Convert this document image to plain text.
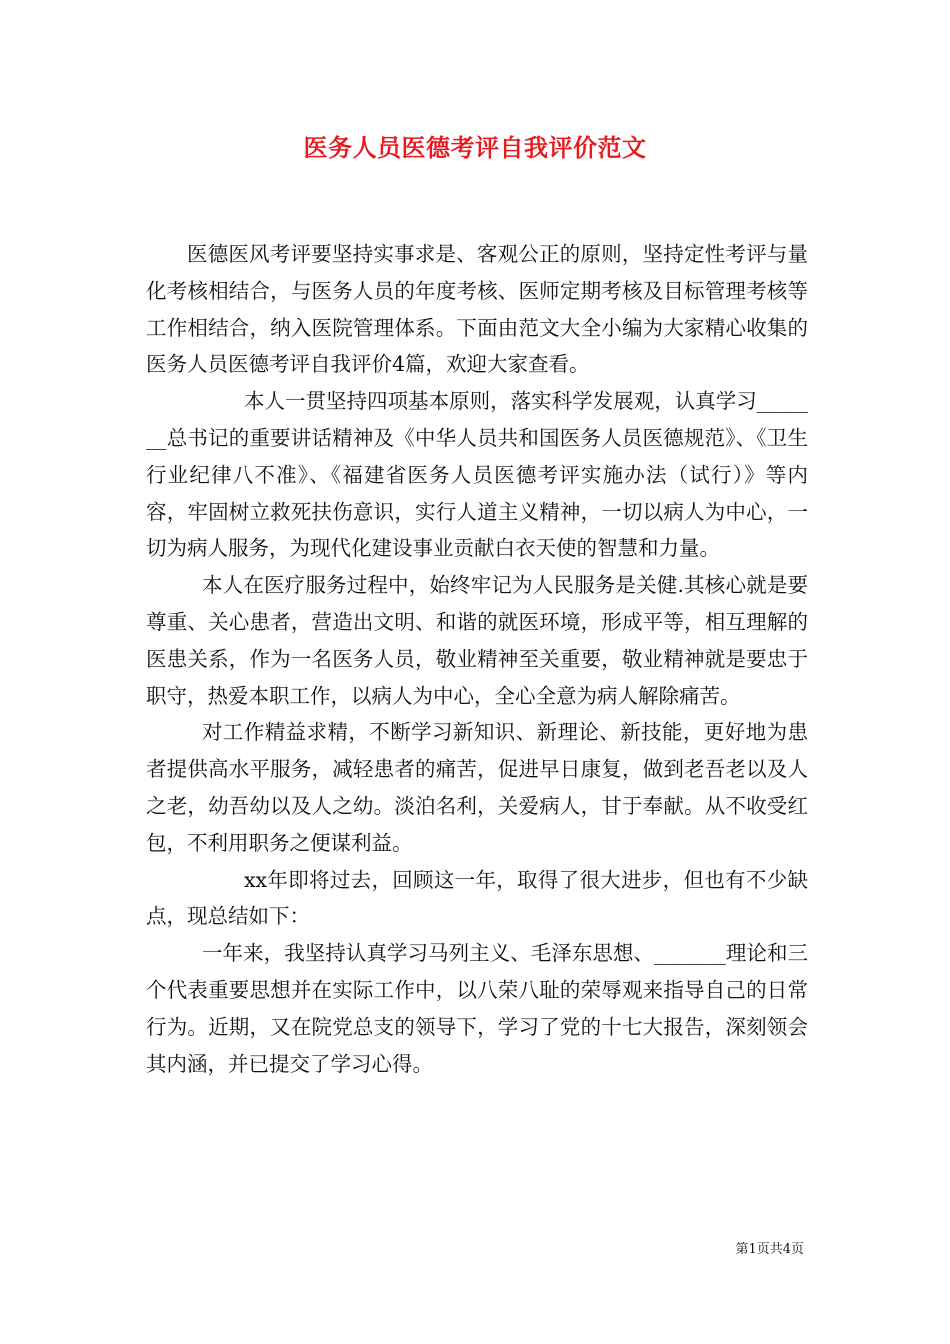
医务人员医德考评自我评价范文

医德医风考评要坚持实事求是、客观公正的原则，坚持定性考评与量化考核相结合，与医务人员的年度考核、医师定期考核及目标管理考核等工作相结合，纳入医院管理体系。下面由范文大全小编为大家精心收集的医务人员医德考评自我评价4篇，欢迎大家查看。

本人一贯坚持四项基本原则，落实科学发展观，认真学习_______总书记的重要讲话精神及《中华人员共和国医务人员医德规范》、《卫生行业纪律八不准》、《福建省医务人员医德考评实施办法（试行）》等内容，牢固树立救死扶伤意识，实行人道主义精神，一切以病人为中心，一切为病人服务，为现代化建设事业贡献白衣天使的智慧和力量。

本人在医疗服务过程中，始终牢记为人民服务是关健.其核心就是要尊重、关心患者，营造出文明、和谐的就医环境，形成平等，相互理解的医患关系，作为一名医务人员，敬业精神至关重要，敬业精神就是要忠于职守，热爱本职工作，以病人为中心，全心全意为病人解除痛苦。

对工作精益求精，不断学习新知识、新理论、新技能，更好地为患者提供高水平服务，减轻患者的痛苦，促进早日康复，做到老吾老以及人之老，幼吾幼以及人之幼。淡泊名利，关爱病人，甘于奉献。从不收受红包，不利用职务之便谋利益。

xx年即将过去，回顾这一年，取得了很大进步，但也有不少缺点，现总结如下：

一年来，我坚持认真学习马列主义、毛泽东思想、_______理论和三个代表重要思想并在实际工作中，以八荣八耻的荣辱观来指导自己的日常行为。近期，又在院党总支的领导下，学习了党的十七大报告，深刻领会其内涵，并已提交了学习心得。

第1页共4页
